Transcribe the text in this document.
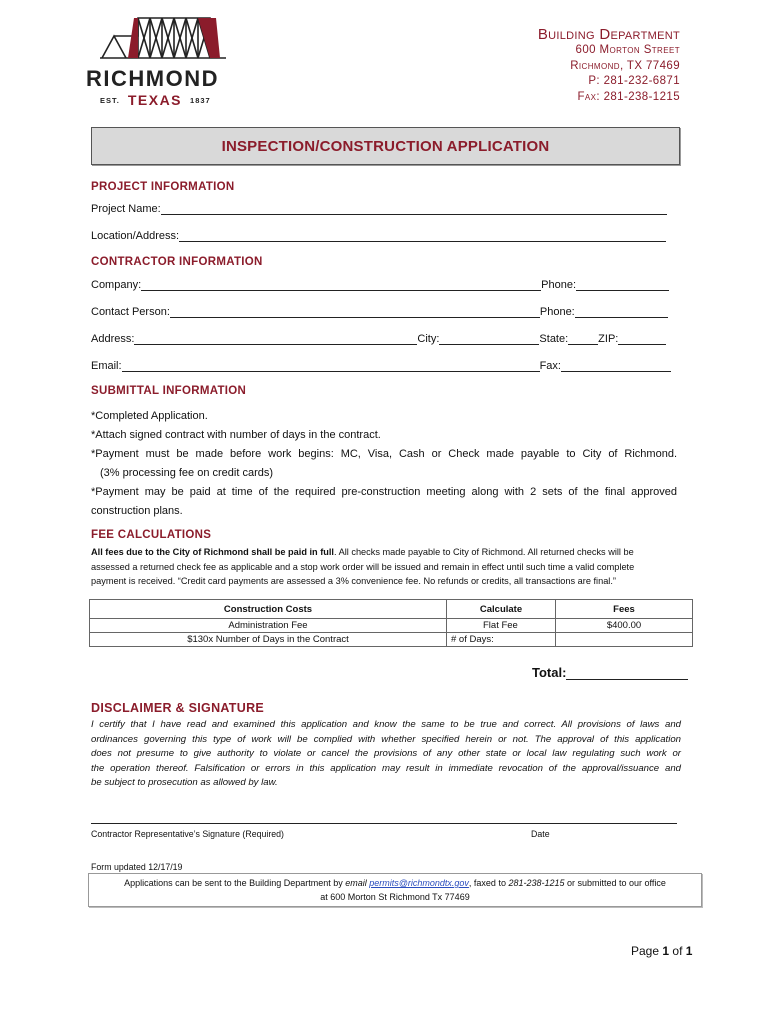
RICHMOND
EST. TEXAS 1837
Building Department
600 Morton Street
Richmond, TX 77469
P: 281-232-6871
Fax: 281-238-1215
INSPECTION/CONSTRUCTION APPLICATION
PROJECT INFORMATION
Project Name:
Location/Address:
CONTRACTOR INFORMATION
Company:	Phone:
Contact Person:	Phone:
Address:	City:	State:	ZIP:
Email:	Fax:
SUBMITTAL INFORMATION
*Completed Application.
*Attach signed contract with number of days in the contract.
*Payment must be made before work begins: MC, Visa, Cash or Check made payable to City of Richmond.
(3% processing fee on credit cards)
*Payment may be paid at time of the required pre-construction meeting along with 2 sets of the final approved
construction plans.
FEE CALCULATIONS
All fees due to the City of Richmond shall be paid in full. All checks made payable to City of Richmond. All returned checks will be
assessed a returned check fee as applicable and a stop work order will be issued and remain in effect until such time a valid complete
payment is received. “Credit card payments are assessed a 3% convenience fee. No refunds or credits, all transactions are final.”
Construction Costs	Calculate	Fees
Administration Fee	Flat Fee	$400.00
$130x Number of Days in the Contract	# of Days:	
Total:
DISCLAIMER & SIGNATURE
I certify that I have read and examined this application and know the same to be true and correct. All provisions of laws and
ordinances governing this type of work will be complied with whether specified herein or not. The approval of this application
does not presume to give authority to violate or cancel the provisions of any other state or local law regulating such work or
the operation thereof. Falsification or errors in this application may result in immediate revocation of the approval/issuance and
be subject to prosecution as allowed by law.
Contractor Representative’s Signature (Required)	Date
Form updated 12/17/19
Applications can be sent to the Building Department by email permits@richmondtx.gov, faxed to 281-238-1215 or submitted to our office
at 600 Morton St Richmond Tx 77469
Page 1 of 1
